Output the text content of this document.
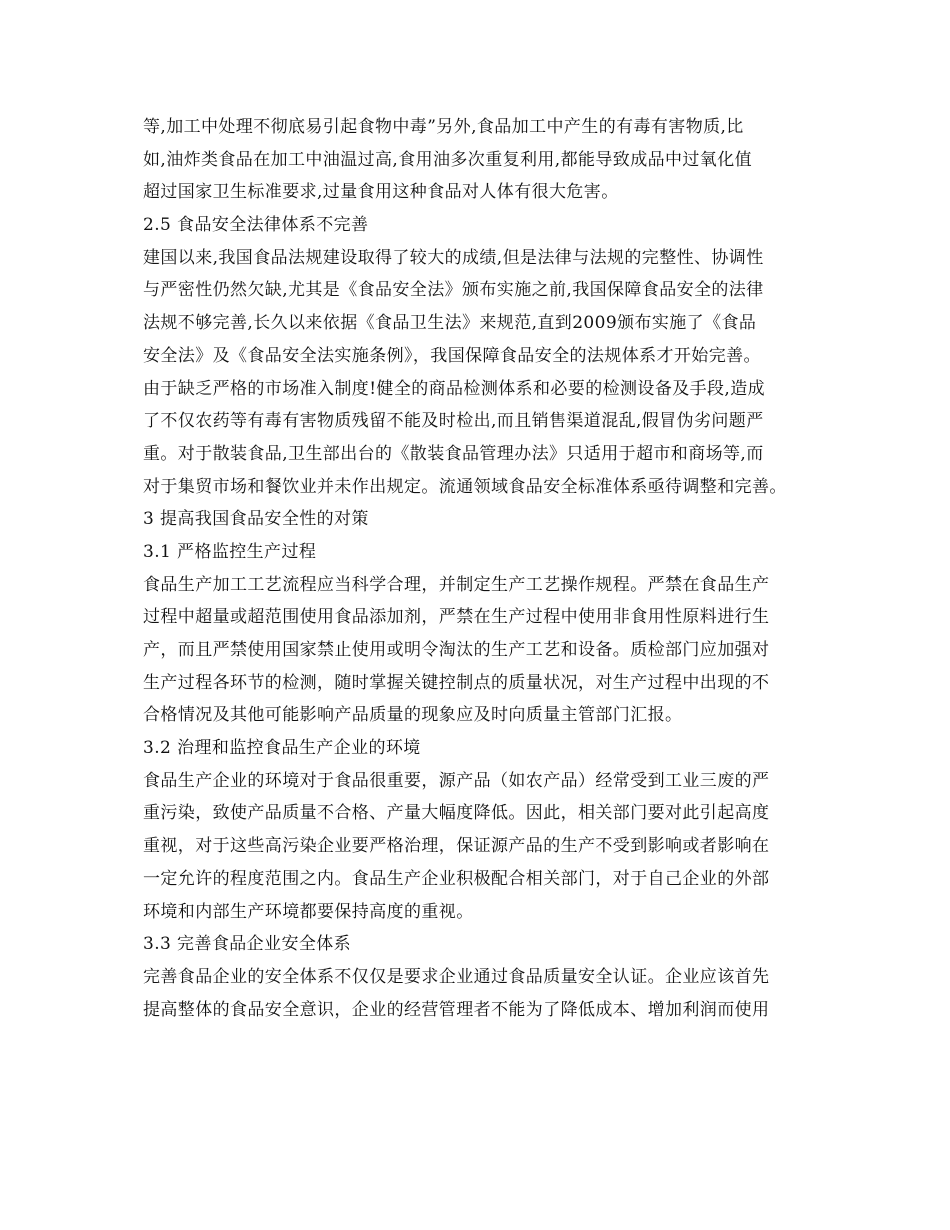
等,加工中处理不彻底易引起食物中毒”另外,食品加工中产生的有毒有害物质,比
如,油炸类食品在加工中油温过高,食用油多次重复利用,都能导致成品中过氧化值
超过国家卫生标准要求,过量食用这种食品对人体有很大危害。
2.5 食品安全法律体系不完善
建国以来,我国食品法规建设取得了较大的成绩,但是法律与法规的完整性、协调性
与严密性仍然欠缺,尤其是《食品安全法》颁布实施之前,我国保障食品安全的法律
法规不够完善,长久以来依据《食品卫生法》来规范,直到2009颁布实施了《食品
安全法》及《食品安全法实施条例》，我国保障食品安全的法规体系才开始完善。
由于缺乏严格的市场准入制度!健全的商品检测体系和必要的检测设备及手段,造成
了不仅农药等有毒有害物质残留不能及时检出,而且销售渠道混乱,假冒伪劣问题严
重。对于散装食品,卫生部出台的《散装食品管理办法》只适用于超市和商场等,而
对于集贸市场和餐饮业并未作出规定。流通领域食品安全标准体系亟待调整和完善。
3 提高我国食品安全性的对策
3.1 严格监控生产过程
食品生产加工工艺流程应当科学合理，并制定生产工艺操作规程。严禁在食品生产
过程中超量或超范围使用食品添加剂，严禁在生产过程中使用非食用性原料进行生
产，而且严禁使用国家禁止使用或明令淘汰的生产工艺和设备。质检部门应加强对
生产过程各环节的检测，随时掌握关键控制点的质量状况，对生产过程中出现的不
合格情况及其他可能影响产品质量的现象应及时向质量主管部门汇报。
3.2 治理和监控食品生产企业的环境
食品生产企业的环境对于食品很重要，源产品（如农产品）经常受到工业三废的严
重污染，致使产品质量不合格、产量大幅度降低。因此，相关部门要对此引起高度
重视，对于这些高污染企业要严格治理，保证源产品的生产不受到影响或者影响在
一定允许的程度范围之内。食品生产企业积极配合相关部门，对于自己企业的外部
环境和内部生产环境都要保持高度的重视。
3.3 完善食品企业安全体系
完善食品企业的安全体系不仅仅是要求企业通过食品质量安全认证。企业应该首先
提高整体的食品安全意识，企业的经营管理者不能为了降低成本、增加利润而使用
